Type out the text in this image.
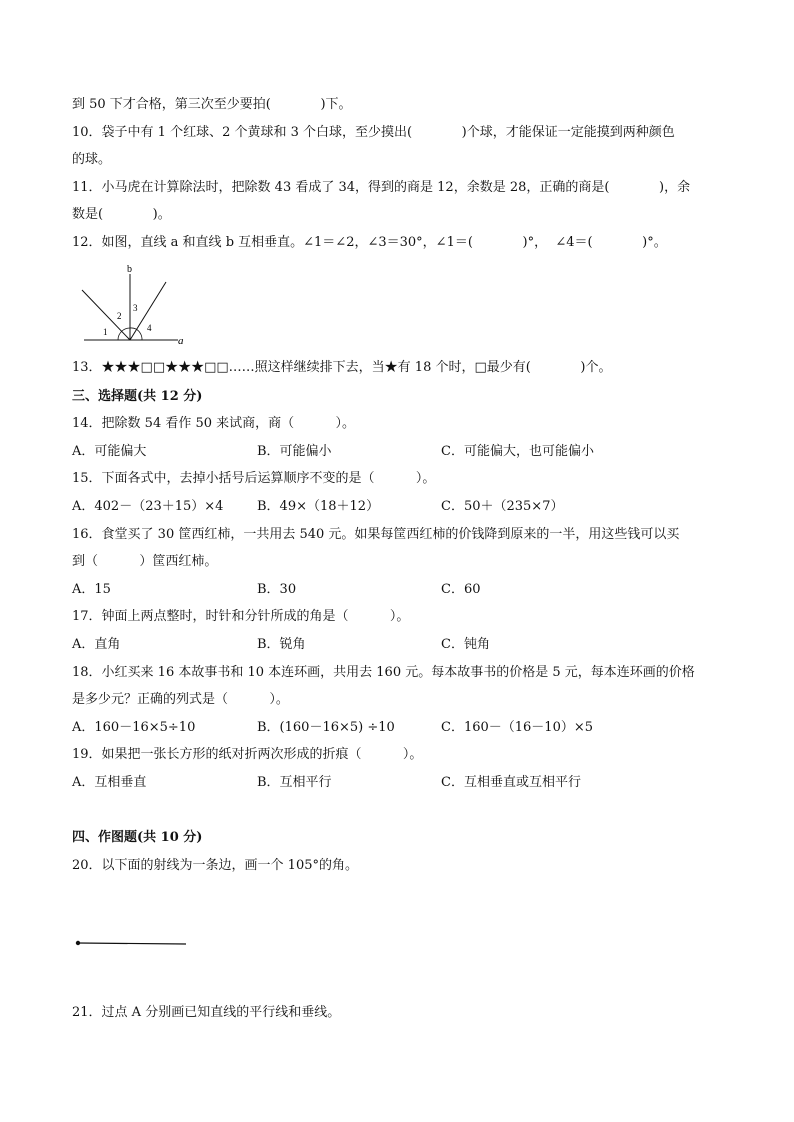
到 50 下才合格，第三次至少要拍(            )下。
10．袋子中有 1 个红球、2 个黄球和 3 个白球，至少摸出(            )个球，才能保证一定能摸到两种颜色
的球。
11．小马虎在计算除法时，把除数 43 看成了 34，得到的商是 12，余数是 28，正确的商是(            )，余
数是(            )。
12．如图，直线 a 和直线 b 互相垂直。∠1＝∠2，∠3＝30°，∠1＝(            )°，  ∠4＝(            )°。
b
a
1
2
3
4
13．★★★□□★★★□□……照这样继续排下去，当★有 18 个时，□最少有(            )个。
三、选择题(共 12 分)
14．把除数 54 看作 50 来试商，商（          ）。
A．可能偏大	B．可能偏小	C．可能偏大，也可能偏小
15．下面各式中，去掉小括号后运算顺序不变的是（          ）。
A．402－（23＋15）×4	B．49×（18＋12）	C．50＋（235×7）
16．食堂买了 30 筐西红柿，一共用去 540 元。如果每筐西红柿的价钱降到原来的一半，用这些钱可以买
到（          ）筐西红柿。
A．15	B．30	C．60
17．钟面上两点整时，时针和分针所成的角是（          ）。
A．直角	B．锐角	C．钝角
18．小红买来 16 本故事书和 10 本连环画，共用去 160 元。每本故事书的价格是 5 元，每本连环画的价格
是多少元？正确的列式是（          ）。
A．160－16×5÷10	B．(160－16×5) ÷10	C．160－（16－10）×5
19．如果把一张长方形的纸对折两次形成的折痕（          ）。
A．互相垂直	B．互相平行	C．互相垂直或互相平行
四、作图题(共 10 分)
20．以下面的射线为一条边，画一个 105°的角。
21．过点 A 分别画已知直线的平行线和垂线。
